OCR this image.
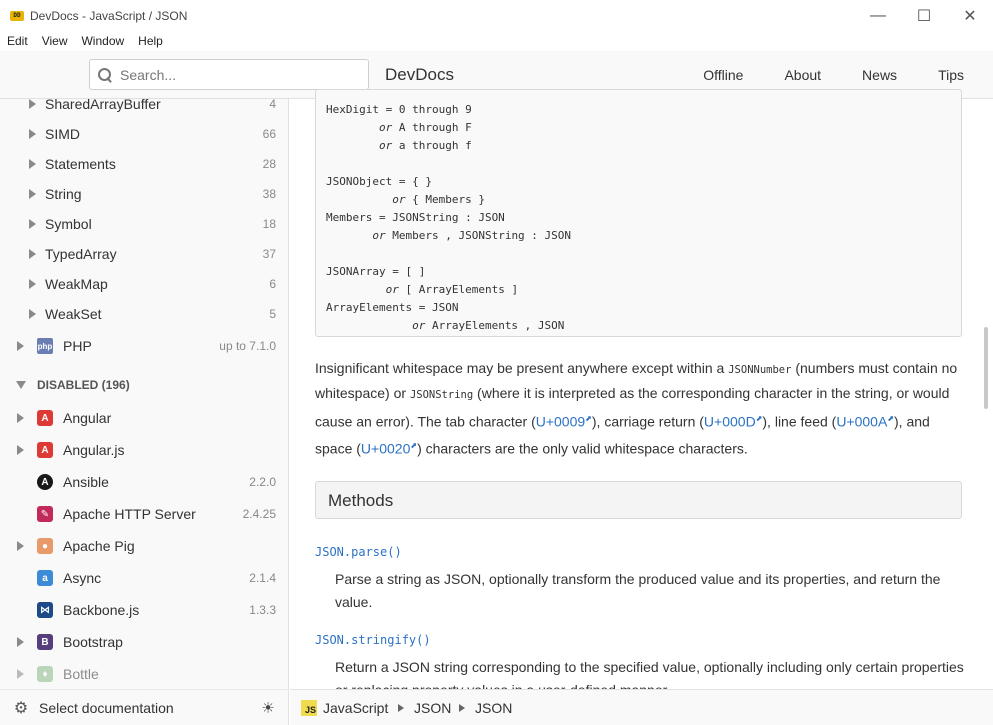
DD DevDocs - JavaScript / JSON	—	☐	✕
Edit	View	Window	Help
Search...
DevDocs	Offline	About	News	Tips
SharedArrayBuffer	4
SIMD	66
Statements	28
String	38
Symbol	18
TypedArray	37
WeakMap	6
WeakSet	5
php PHP	up to 7.1.0
DISABLED (196)
A	Angular
A	Angular.js
A	Ansible	2.2.0
✎ Apache HTTP Server	2.4.25
●	Apache Pig
a	Async	2.1.4
⋈ Backbone.js	1.3.3
B	Bootstrap
♦	Bottle
⚙ Select documentation	☀
HexDigit = 0 through 9
or A through F
or a through f
JSONObject = { }
or { Members }
Members = JSONString : JSON
or Members , JSONString : JSON
JSONArray = [ ]
or [ ArrayElements ]
ArrayElements = JSON
or ArrayElements , JSON
Insignificant whitespace may be present anywhere except within a JSONNumber (numbers must contain no whitespace) or JSONString (where it is interpreted as the corresponding character in the string, or would cause an error). The tab character (U+0009⬈), carriage return (U+000D⬈), line feed (U+000A⬈), and space (U+0020⬈) characters are the only valid whitespace characters.
Methods
JSON.parse()
Parse a string as JSON, optionally transform the produced value and its properties, and return the value.
JSON.stringify()
Return a JSON string corresponding to the specified value, optionally including only certain properties
JS JavaScript JSON JSON
